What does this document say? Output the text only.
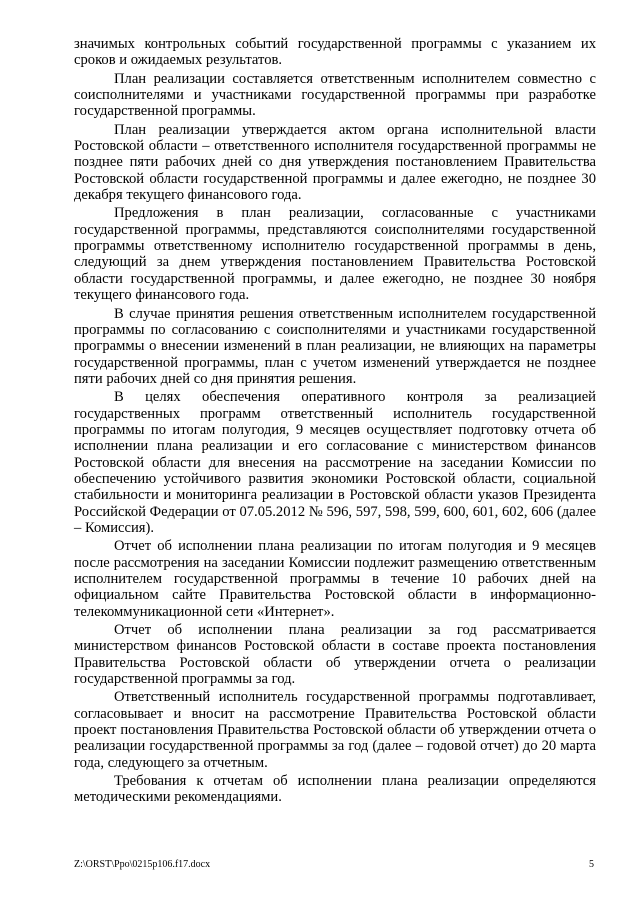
значимых контрольных событий государственной программы с указанием их сроков и ожидаемых результатов.

План реализации составляется ответственным исполнителем совместно с соисполнителями и участниками государственной программы при разработке государственной программы.

План реализации утверждается актом органа исполнительной власти Ростовской области – ответственного исполнителя государственной программы не позднее пяти рабочих дней со дня утверждения постановлением Правительства Ростовской области государственной программы и далее ежегодно, не позднее 30 декабря текущего финансового года.

Предложения в план реализации, согласованные с участниками государственной программы, представляются соисполнителями государственной программы ответственному исполнителю государственной программы в день, следующий за днем утверждения постановлением Правительства Ростовской области государственной программы, и далее ежегодно, не позднее 30 ноября текущего финансового года.

В случае принятия решения ответственным исполнителем государственной программы по согласованию с соисполнителями и участниками государственной программы о внесении изменений в план реализации, не влияющих на параметры государственной программы, план с учетом изменений утверждается не позднее пяти рабочих дней со дня принятия решения.

В целях обеспечения оперативного контроля за реализацией государственных программ ответственный исполнитель государственной программы по итогам полугодия, 9 месяцев осуществляет подготовку отчета об исполнении плана реализации и его согласование с министерством финансов Ростовской области для внесения на рассмотрение на заседании Комиссии по обеспечению устойчивого развития экономики Ростовской области, социальной стабильности и мониторинга реализации в Ростовской области указов Президента Российской Федерации от 07.05.2012 № 596, 597, 598, 599, 600, 601, 602, 606 (далее – Комиссия).

Отчет об исполнении плана реализации по итогам полугодия и 9 месяцев после рассмотрения на заседании Комиссии подлежит размещению ответственным исполнителем государственной программы в течение 10 рабочих дней на официальном сайте Правительства Ростовской области в информационно-телекоммуникационной сети «Интернет».

Отчет об исполнении плана реализации за год рассматривается министерством финансов Ростовской области в составе проекта постановления Правительства Ростовской области об утверждении отчета о реализации государственной программы за год.

Ответственный исполнитель государственной программы подготавливает, согласовывает и вносит на рассмотрение Правительства Ростовской области проект постановления Правительства Ростовской области об утверждении отчета о реализации государственной программы за год (далее – годовой отчет) до 20 марта года, следующего за отчетным.

Требования к отчетам об исполнении плана реализации определяются методическими рекомендациями.

Z:\ORST\Ppo\0215p106.f17.docx	5
